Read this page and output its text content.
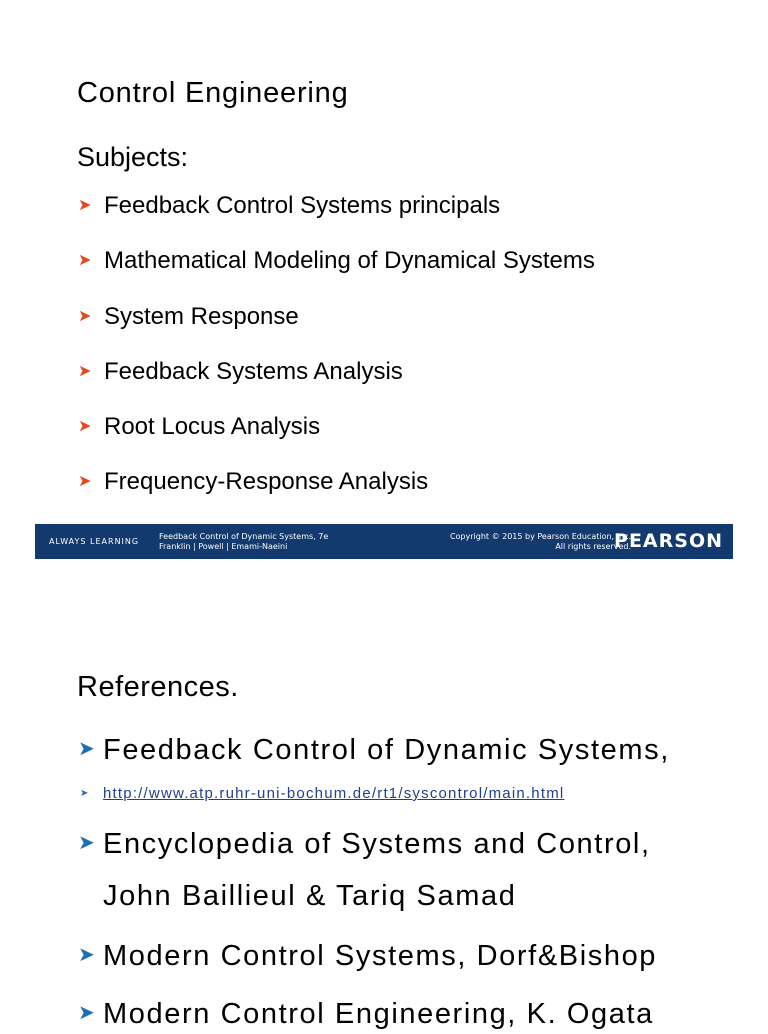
Control Engineering
Subjects:
➤ Feedback Control Systems principals
➤ Mathematical Modeling of Dynamical Systems
➤ System Response
➤ Feedback Systems Analysis
➤ Root Locus Analysis
➤ Frequency-Response Analysis
ALWAYS LEARNING
Feedback Control of Dynamic Systems, 7e
Franklin | Powell | Emami-Naeini
Copyright © 2015 by Pearson Education, Inc.
All rights reserved.
PEARSON
References.
➤ Feedback Control of Dynamic Systems,
➤ http://www.atp.ruhr-uni-bochum.de/rt1/syscontrol/main.html
➤ Encyclopedia of Systems and Control,
John Baillieul & Tariq Samad
➤ Modern Control Systems, Dorf&Bishop
➤ Modern Control Engineering, K. Ogata
